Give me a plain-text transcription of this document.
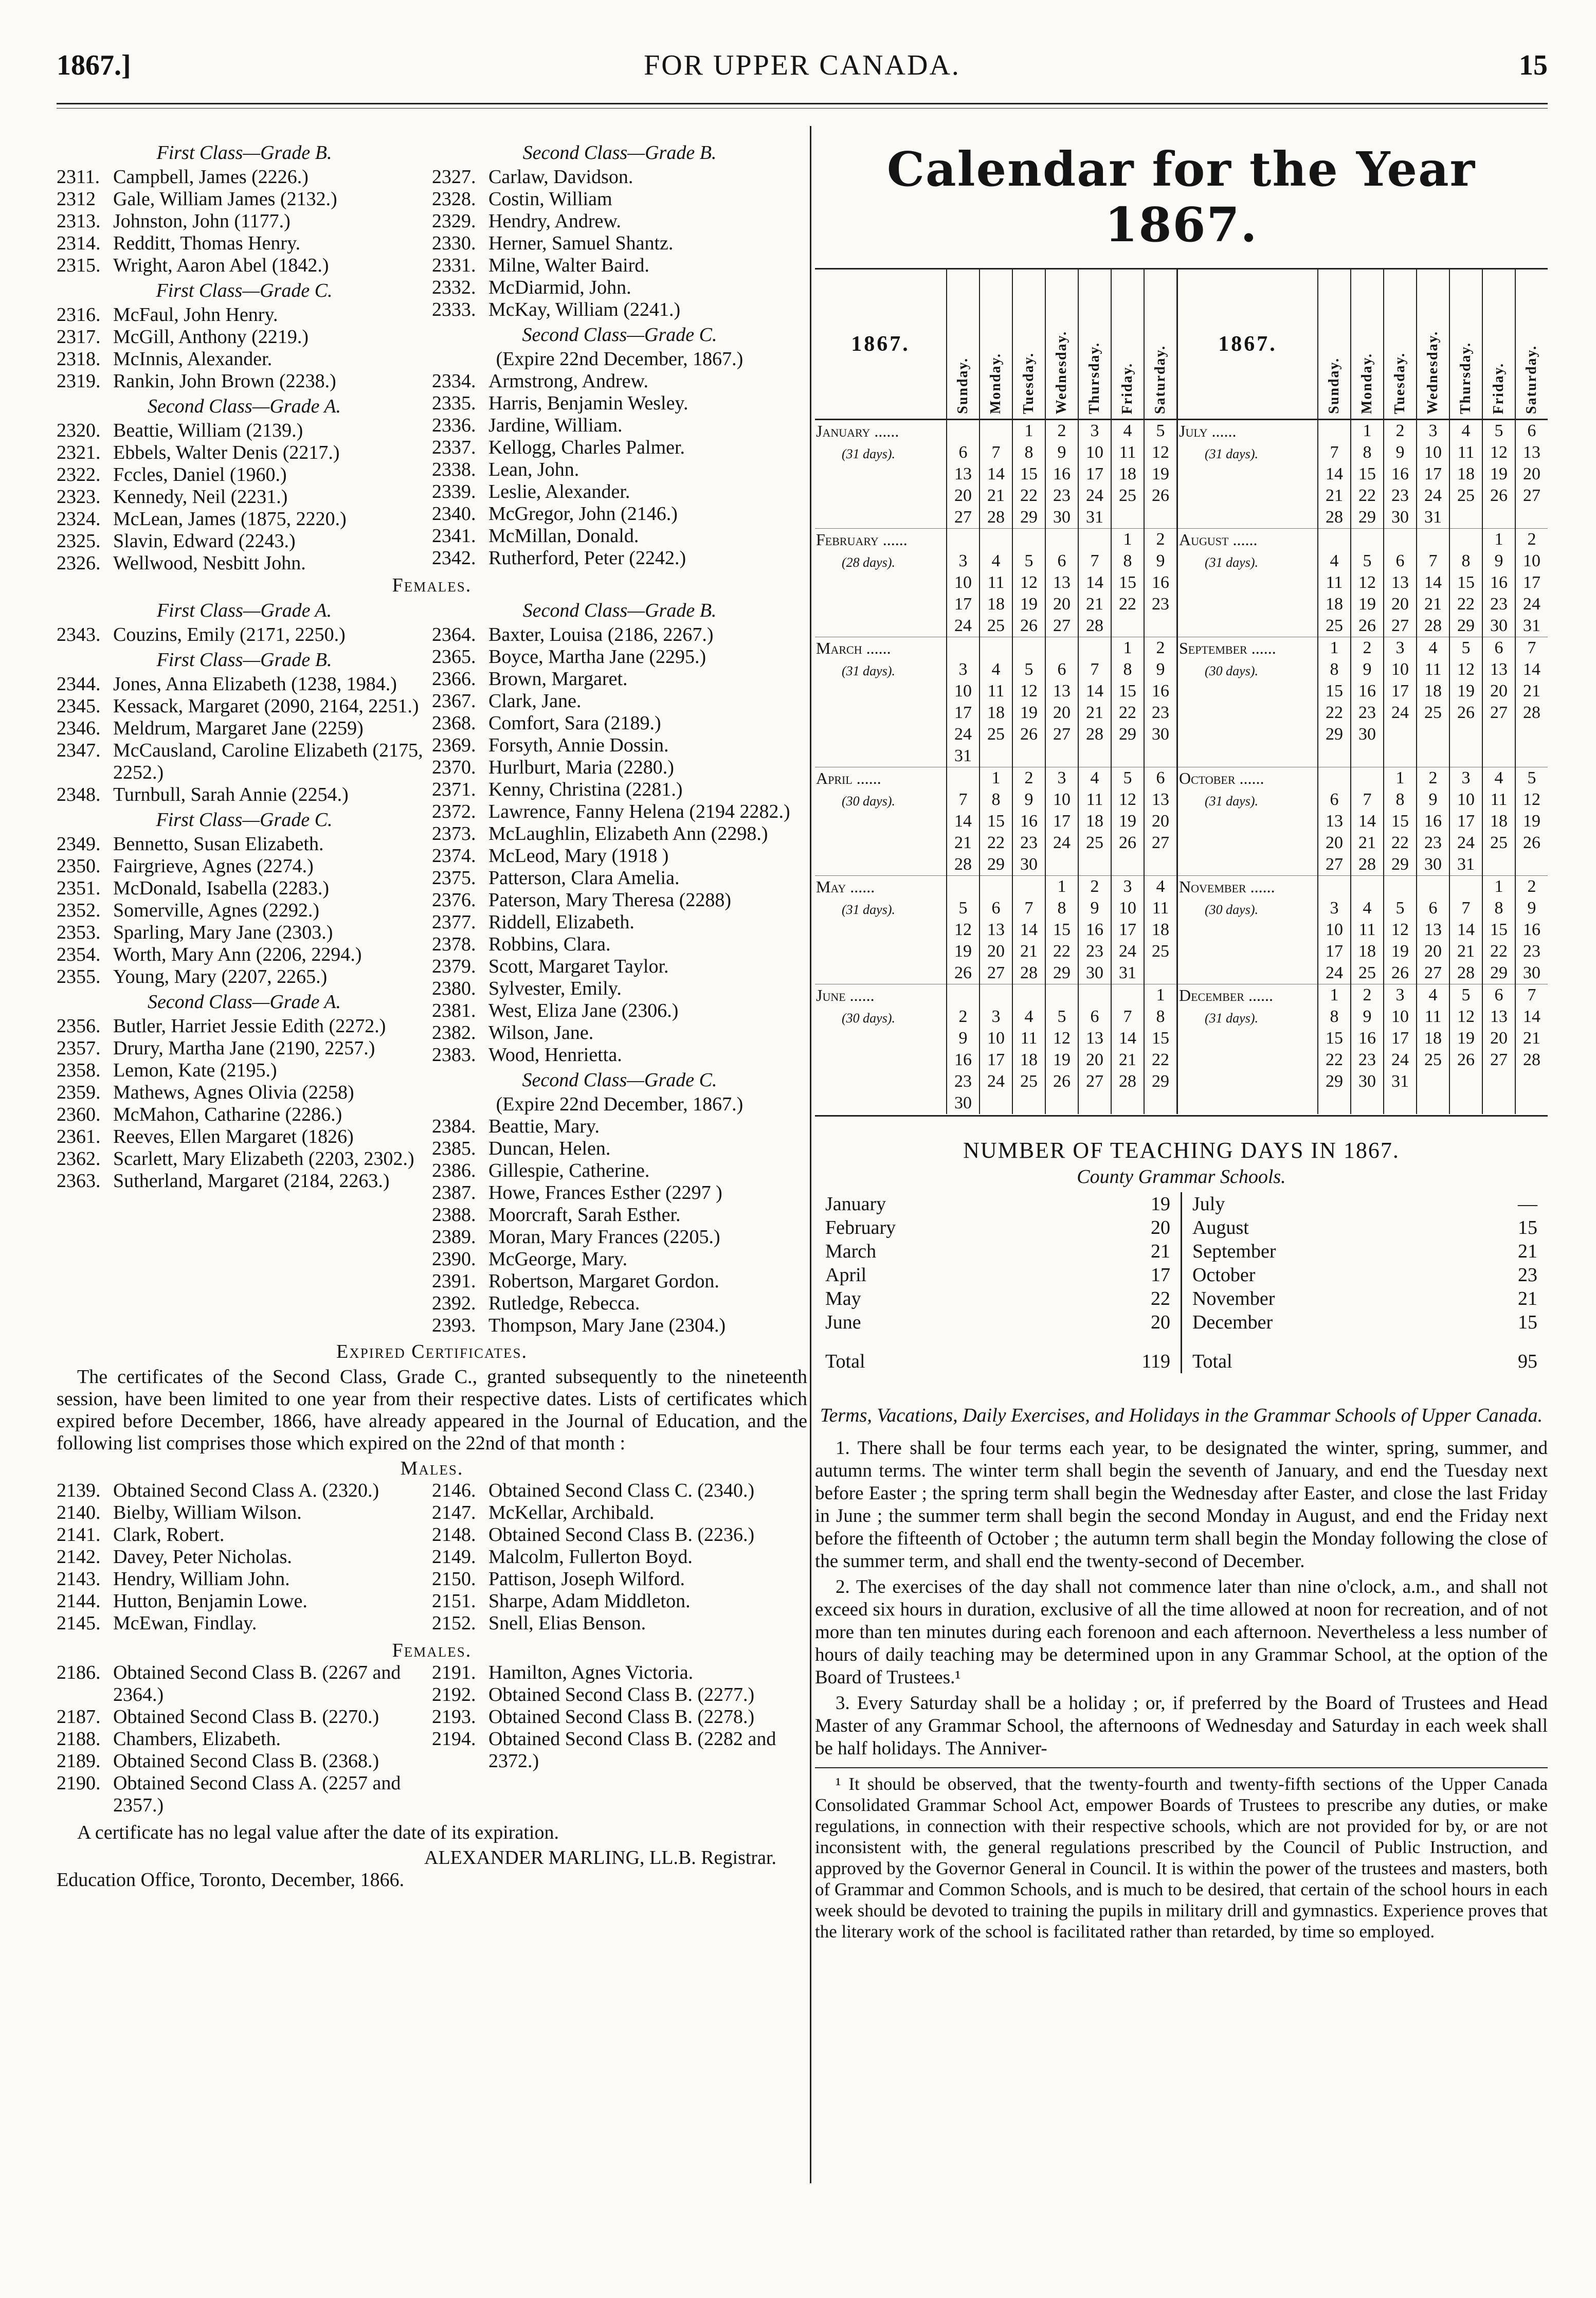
1867.]	FOR UPPER CANADA.	15
First Class—Grade B.
2311. Campbell, James (2226.)
2312 Gale, William James (2132.)
2313. Johnston, John (1177.)
2314. Redditt, Thomas Henry.
2315. Wright, Aaron Abel (1842.)
First Class—Grade C.
2316. McFaul, John Henry.
2317. McGill, Anthony (2219.)
2318. McInnis, Alexander.
2319. Rankin, John Brown (2238.)
Second Class—Grade A.
2320. Beattie, William (2139.)
2321. Ebbels, Walter Denis (2217.)
2322. Fccles, Daniel (1960.)
2323. Kennedy, Neil (2231.)
2324. McLean, James (1875, 2220.)
2325. Slavin, Edward (2243.)
2326. Wellwood, Nesbitt John.
Second Class—Grade B.
2327. Carlaw, Davidson.
2328. Costin, William
2329. Hendry, Andrew.
2330. Herner, Samuel Shantz.
2331. Milne, Walter Baird.
2332. McDiarmid, John.
2333. McKay, William (2241.)
Second Class—Grade C.
(Expire 22nd December, 1867.)
2334. Armstrong, Andrew.
2335. Harris, Benjamin Wesley.
2336. Jardine, William.
2337. Kellogg, Charles Palmer.
2338. Lean, John.
2339. Leslie, Alexander.
2340. McGregor, John (2146.)
2341. McMillan, Donald.
2342. Rutherford, Peter (2242.)
Females.
First Class—Grade A.
2343. Couzins, Emily (2171, 2250.)
First Class—Grade B.
2344. Jones, Anna Elizabeth (1238, 1984.)
2345. Kessack, Margaret (2090, 2164, 2251.)
2346. Meldrum, Margaret Jane (2259)
2347. McCausland, Caroline Elizabeth (2175, 2252.)
2348. Turnbull, Sarah Annie (2254.)
First Class—Grade C.
2349. Bennetto, Susan Elizabeth.
2350. Fairgrieve, Agnes (2274.)
2351. McDonald, Isabella (2283.)
2352. Somerville, Agnes (2292.)
2353. Sparling, Mary Jane (2303.)
2354. Worth, Mary Ann (2206, 2294.)
2355. Young, Mary (2207, 2265.)
Second Class—Grade A.
2356. Butler, Harriet Jessie Edith (2272.)
2357. Drury, Martha Jane (2190, 2257.)
2358. Lemon, Kate (2195.)
2359. Mathews, Agnes Olivia (2258)
2360. McMahon, Catharine (2286.)
2361. Reeves, Ellen Margaret (1826)
2362. Scarlett, Mary Elizabeth (2203, 2302.)
2363. Sutherland, Margaret (2184, 2263.)
Second Class—Grade B.
2364. Baxter, Louisa (2186, 2267.)
2365. Boyce, Martha Jane (2295.)
2366. Brown, Margaret.
2367. Clark, Jane.
2368. Comfort, Sara (2189.)
2369. Forsyth, Annie Dossin.
2370. Hurlburt, Maria (2280.)
2371. Kenny, Christina (2281.)
2372. Lawrence, Fanny Helena (2194 2282.)
2373. McLaughlin, Elizabeth Ann (2298.)
2374. McLeod, Mary (1918 )
2375. Patterson, Clara Amelia.
2376. Paterson, Mary Theresa (2288)
2377. Riddell, Elizabeth.
2378. Robbins, Clara.
2379. Scott, Margaret Taylor.
2380. Sylvester, Emily.
2381. West, Eliza Jane (2306.)
2382. Wilson, Jane.
2383. Wood, Henrietta.
Second Class—Grade C.
(Expire 22nd December, 1867.)
2384. Beattie, Mary.
2385. Duncan, Helen.
2386. Gillespie, Catherine.
2387. Howe, Frances Esther (2297 )
2388. Moorcraft, Sarah Esther.
2389. Moran, Mary Frances (2205.)
2390. McGeorge, Mary.
2391. Robertson, Margaret Gordon.
2392. Rutledge, Rebecca.
2393. Thompson, Mary Jane (2304.)
Expired Certificates.
The certificates of the Second Class, Grade C., granted subsequently to the nineteenth session, have been limited to one year from their respective dates. Lists of certificates which expired before December, 1866, have already appeared in the Journal of Education, and the following list comprises those which expired on the 22nd of that month :
Males.
2139. Obtained Second Class A. (2320.)
2140. Bielby, William Wilson.
2141. Clark, Robert.
2142. Davey, Peter Nicholas.
2143. Hendry, William John.
2144. Hutton, Benjamin Lowe.
2145. McEwan, Findlay.
2146. Obtained Second Class C. (2340.)
2147. McKellar, Archibald.
2148. Obtained Second Class B. (2236.)
2149. Malcolm, Fullerton Boyd.
2150. Pattison, Joseph Wilford.
2151. Sharpe, Adam Middleton.
2152. Snell, Elias Benson.
Females.
2186. Obtained Second Class B. (2267 and 2364.)
2187. Obtained Second Class B. (2270.)
2188. Chambers, Elizabeth.
2189. Obtained Second Class B. (2368.)
2190. Obtained Second Class A. (2257 and 2357.)
2191. Hamilton, Agnes Victoria.
2192. Obtained Second Class B. (2277.)
2193. Obtained Second Class B. (2278.)
2194. Obtained Second Class B. (2282 and 2372.)
A certificate has no legal value after the date of its expiration.
ALEXANDER MARLING, LL.B. Registrar.
Education Office, Toronto, December, 1866.
Calendar for the Year 1867.
1867.	Sunday.	Monday.	Tuesday.	Wednesday.	Thursday.	Friday.	Saturday.	1867.	Sunday.	Monday.	Tuesday.	Wednesday.	Thursday.	Friday.	Saturday.
January ......			1	2	3	4	5	July ......		1	2	3	4	5	6
(31 days).	6	7	8	9	10	11	12	(31 days).	7	8	9	10	11	12	13
	13	14	15	16	17	18	19		14	15	16	17	18	19	20
	20	21	22	23	24	25	26		21	22	23	24	25	26	27
	27	28	29	30	31				28	29	30	31			
February ......						1	2	August ......						1	2
(28 days).	3	4	5	6	7	8	9	(31 days).	4	5	6	7	8	9	10
	10	11	12	13	14	15	16		11	12	13	14	15	16	17
	17	18	19	20	21	22	23		18	19	20	21	22	23	24
	24	25	26	27	28				25	26	27	28	29	30	31
March ......						1	2	September ......	1	2	3	4	5	6	7
(31 days).	3	4	5	6	7	8	9	(30 days).	8	9	10	11	12	13	14
	10	11	12	13	14	15	16		15	16	17	18	19	20	21
	17	18	19	20	21	22	23		22	23	24	25	26	27	28
	24	25	26	27	28	29	30		29	30					
	31														
April ......		1	2	3	4	5	6	October ......			1	2	3	4	5
(30 days).	7	8	9	10	11	12	13	(31 days).	6	7	8	9	10	11	12
	14	15	16	17	18	19	20		13	14	15	16	17	18	19
	21	22	23	24	25	26	27		20	21	22	23	24	25	26
	28	29	30						27	28	29	30	31		
May ......				1	2	3	4	November ......						1	2
(31 days).	5	6	7	8	9	10	11	(30 days).	3	4	5	6	7	8	9
	12	13	14	15	16	17	18		10	11	12	13	14	15	16
	19	20	21	22	23	24	25		17	18	19	20	21	22	23
	26	27	28	29	30	31			24	25	26	27	28	29	30
June ......							1	December ......	1	2	3	4	5	6	7
(30 days).	2	3	4	5	6	7	8	(31 days).	8	9	10	11	12	13	14
	9	10	11	12	13	14	15		15	16	17	18	19	20	21
	16	17	18	19	20	21	22		22	23	24	25	26	27	28
	23	24	25	26	27	28	29		29	30	31				
	30														
NUMBER OF TEACHING DAYS IN 1867.
County Grammar Schools.
January	19
February	20
March	21
April	17
May	22
June	20
Total	119
July	—
August	15
September	21
October	23
November	21
December	15
Total	95
Terms, Vacations, Daily Exercises, and Holidays in the Grammar Schools of Upper Canada.
1. There shall be four terms each year, to be designated the winter, spring, summer, and autumn terms. The winter term shall begin the seventh of January, and end the Tuesday next before Easter ; the spring term shall begin the Wednesday after Easter, and close the last Friday in June ; the summer term shall begin the second Monday in August, and end the Friday next before the fifteenth of October ; the autumn term shall begin the Monday following the close of the summer term, and shall end the twenty-second of December.
2. The exercises of the day shall not commence later than nine o'clock, a.m., and shall not exceed six hours in duration, exclusive of all the time allowed at noon for recreation, and of not more than ten minutes during each forenoon and each afternoon. Nevertheless a less number of hours of daily teaching may be determined upon in any Grammar School, at the option of the Board of Trustees.¹
3. Every Saturday shall be a holiday ; or, if preferred by the Board of Trustees and Head Master of any Grammar School, the afternoons of Wednesday and Saturday in each week shall be half holidays. The Anniver-
¹ It should be observed, that the twenty-fourth and twenty-fifth sections of the Upper Canada Consolidated Grammar School Act, empower Boards of Trustees to prescribe any duties, or make regulations, in connection with their respective schools, which are not provided for by, or are not inconsistent with, the general regulations prescribed by the Council of Public Instruction, and approved by the Governor General in Council. It is within the power of the trustees and masters, both of Grammar and Common Schools, and is much to be desired, that certain of the school hours in each week should be devoted to training the pupils in military drill and gymnastics. Experience proves that the literary work of the school is facilitated rather than retarded, by time so employed.
